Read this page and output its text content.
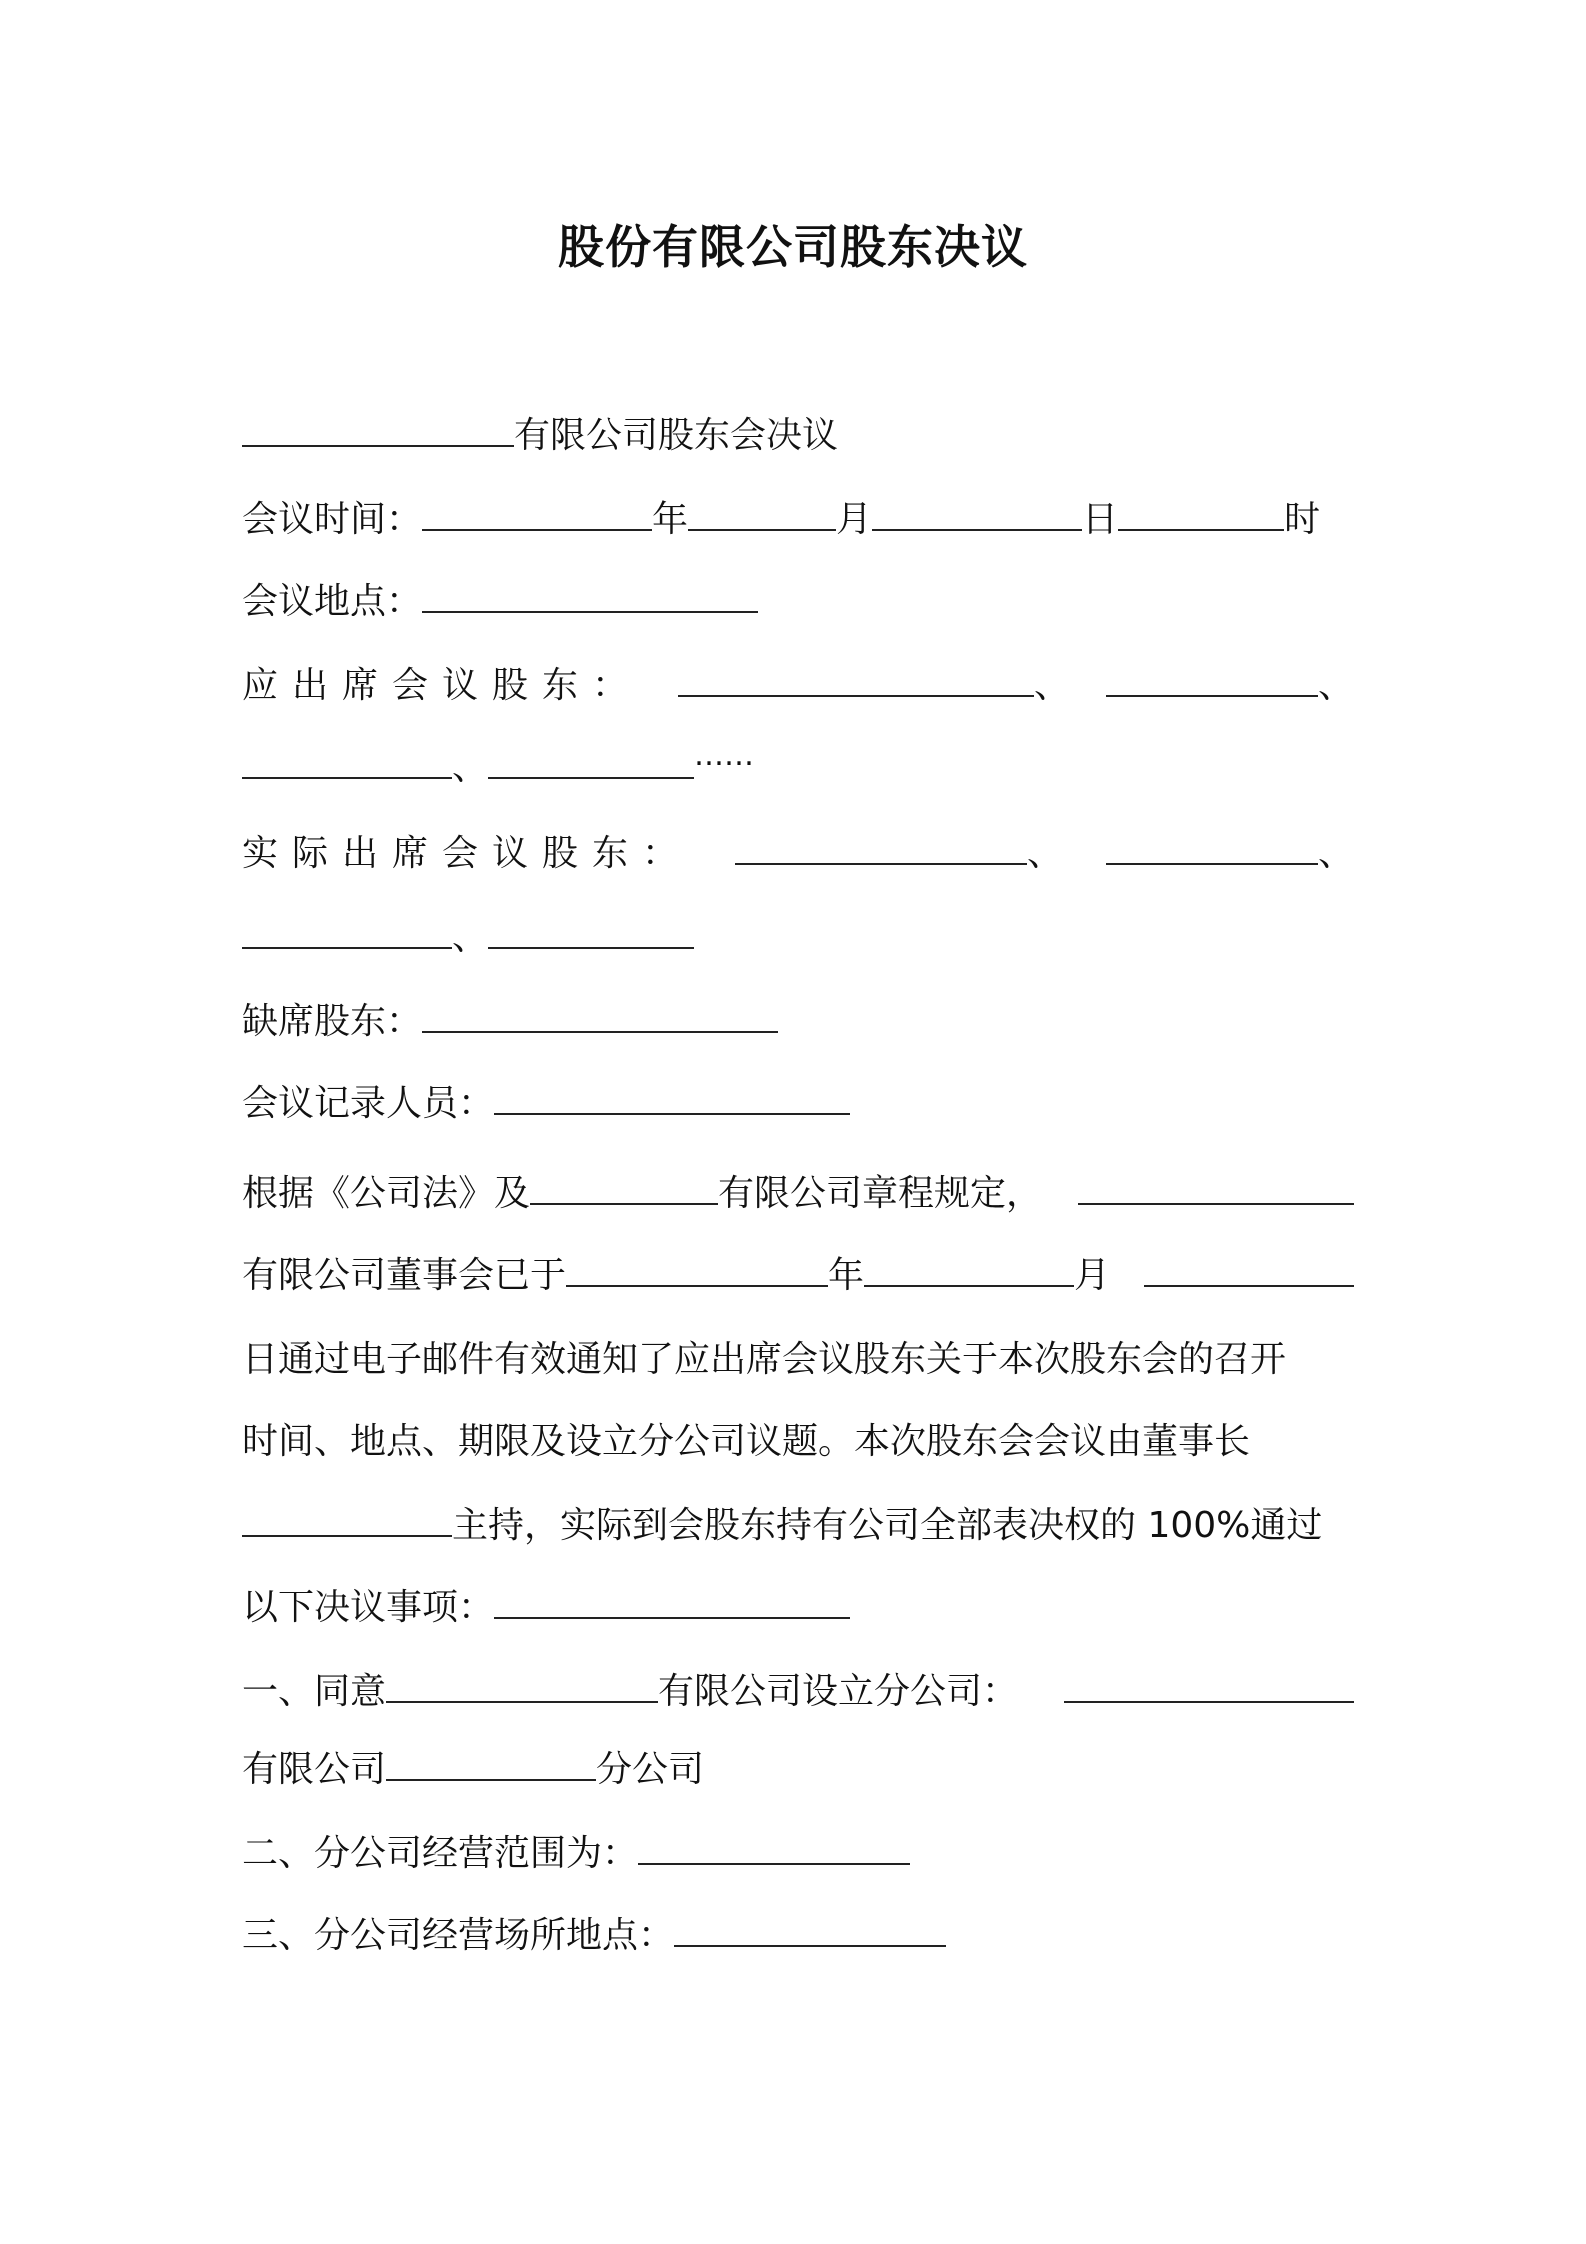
股份有限公司股东决议
有限公司股东会决议
会议时间：	年	月	日	时
会议地点：
应出席会议股东：	、	、
、	……
实际出席会议股东：	、	、
、
缺席股东：
会议记录人员：
根据《公司法》及	有限公司章程规定，
有限公司董事会已于	年	月
日通过电子邮件有效通知了应出席会议股东关于本次股东会的召开
时间、地点、期限及设立分公司议题。本次股东会会议由董事长
主持，实际到会股东持有公司全部表决权的 100%通过
以下决议事项：
一、同意	有限公司设立分公司：
有限公司	分公司
二、分公司经营范围为：
三、分公司经营场所地点：
